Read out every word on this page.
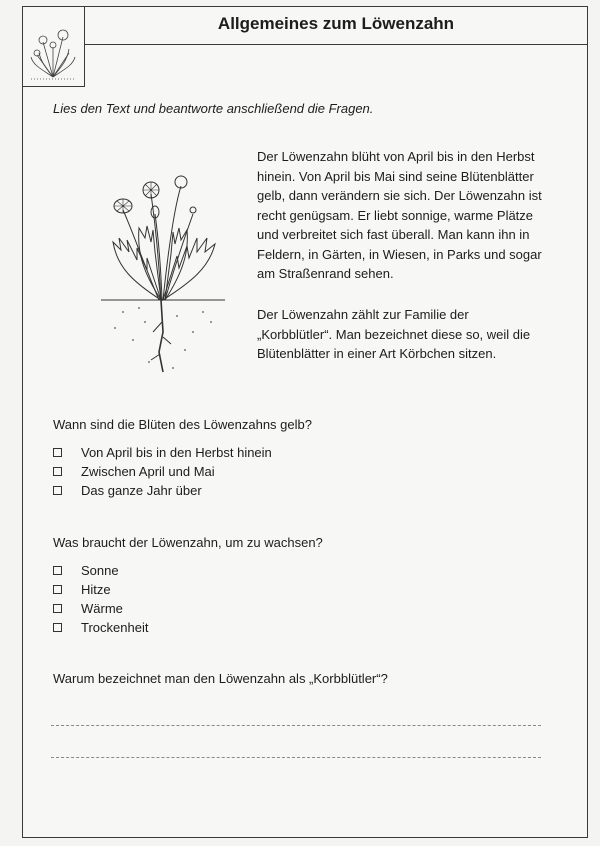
Allgemeines zum Löwenzahn
Lies den Text und beantworte anschließend die Fragen.

Der Löwenzahn blüht von April bis in den Herbst hinein. Von April bis Mai sind seine Blütenblätter gelb, dann verändern sie sich. Der Löwenzahn ist recht genügsam. Er liebt sonnige, warme Plätze und verbreitet sich fast überall. Man kann ihn in Feldern, in Gärten, in Wiesen, in Parks und sogar am Straßenrand sehen.

Der Löwenzahn zählt zur Familie der „Korbblütler“. Man bezeichnet diese so, weil die Blütenblätter in einer Art Körbchen sitzen.

Wann sind die Blüten des Löwenzahns gelb?
Von April bis in den Herbst hinein
Zwischen April und Mai
Das ganze Jahr über
Was braucht der Löwenzahn, um zu wachsen?
Sonne
Hitze
Wärme
Trockenheit
Warum bezeichnet man den Löwenzahn als „Korbblütler“?
